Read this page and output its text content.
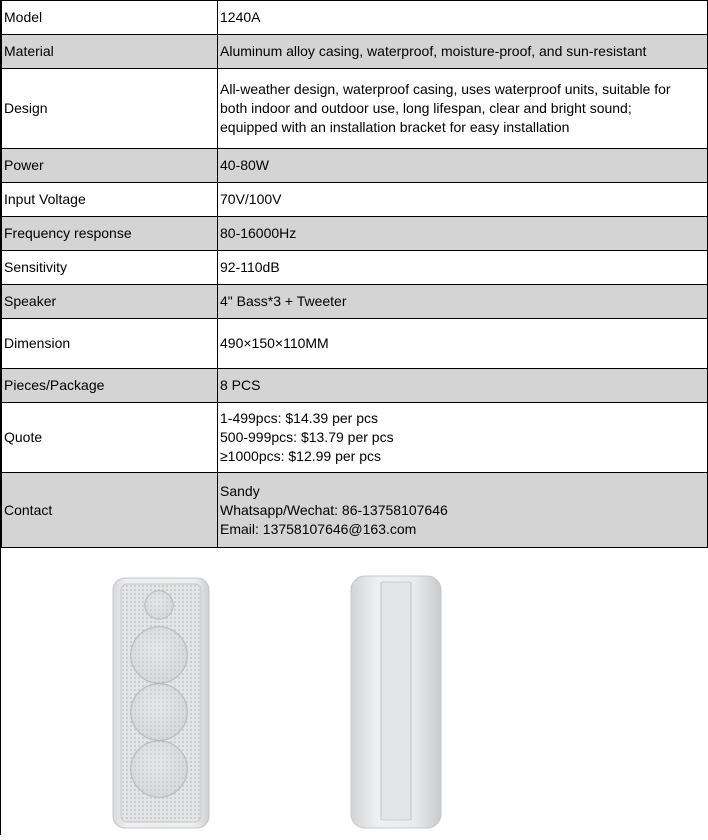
Model	1240A

Material	Aluminum alloy casing, waterproof, moisture-proof, and sun-resistant

Design	All-weather design, waterproof casing, uses waterproof units, suitable for
both indoor and outdoor use, long lifespan, clear and bright sound;
equipped with an installation bracket for easy installation

Power	40-80W

Input Voltage	70V/100V

Frequency response	80-16000Hz

Sensitivity	92-110dB

Speaker	4" Bass*3 + Tweeter

Dimension	490×150×110MM

Pieces/Package	8 PCS

Quote	1-499pcs: $14.39 per pcs
500-999pcs: $13.79 per pcs
≥1000pcs: $12.99 per pcs

Contact	Sandy
Whatsapp/Wechat: 86-13758107646
Email: 13758107646@163.com
